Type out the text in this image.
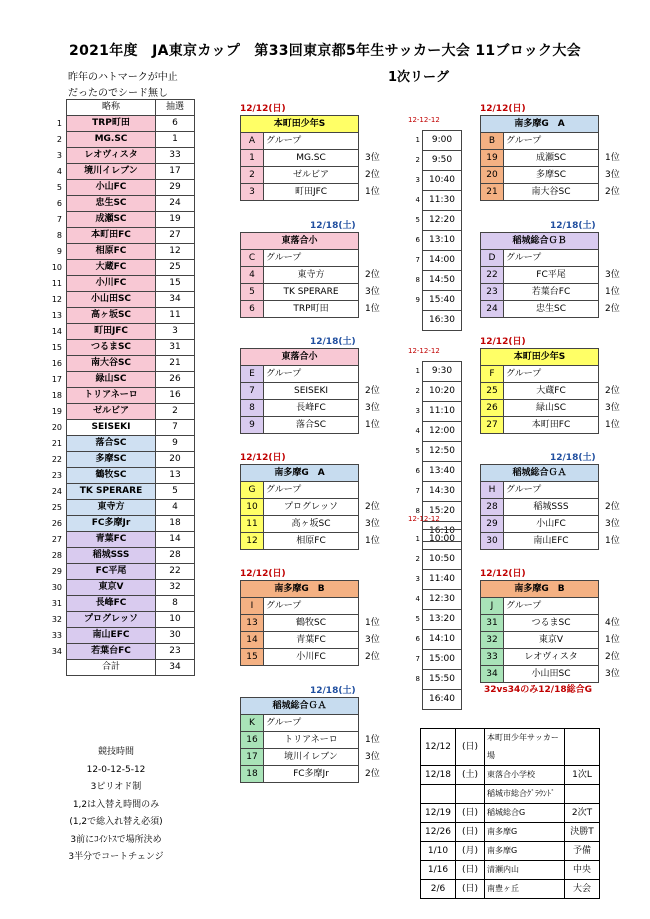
2021年度　JA東京カップ　第33回東京都5年生サッカー大会 11ブロック大会
1次リーグ
昨年のハトマークが中止
だったのでシード無し
	略称	抽選
1	TRP町田	6
2	MG.SC	1
3	レオヴィスタ	33
4	境川イレブン	17
5	小山FC	29
6	忠生SC	24
7	成瀬SC	19
8	本町田FC	27
9	相原FC	12
10	大蔵FC	25
11	小川FC	15
12	小山田SC	34
13	高ヶ坂SC	11
14	町田JFC	3
15	つるまSC	31
16	南大谷SC	21
17	緑山SC	26
18	トリアネーロ	16
19	ゼルビア	2
20	SEISEKI	7
21	落合SC	9
22	多摩SC	20
23	鶴牧SC	13
24	TK SPERARE	5
25	東寺方	4
26	FC多摩Jr	18
27	青葉FC	14
28	稲城SSS	28
29	FC平尾	22
30	東京V	32
31	長峰FC	8
32	プログレッソ	10
33	南山EFC	30
34	若葉台FC	23
	合計	34
12/12(日)
本町田少年S		
A	グループ	
1	MG.SC	3位
2	ゼルビア	2位
3	町田JFC	1位
12/18(土)
東落合小		
C	グループ	
4	東寺方	2位
5	TK SPERARE	3位
6	TRP町田	1位
12/18(土)
東落合小		
E	グループ	
7	SEISEKI	2位
8	長峰FC	3位
9	落合SC	1位
12/12(日)
南多摩G　A		
G	グループ	
10	プログレッソ	2位
11	高ヶ坂SC	3位
12	相原FC	1位
12/12(日)
南多摩G　B		
I	グループ	
13	鶴牧SC	1位
14	青葉FC	3位
15	小川FC	2位
12/18(土)
稲城総合ＧＡ		
K	グループ	
16	トリアネーロ	1位
17	境川イレブン	3位
18	FC多摩Jr	2位
12/12(日)
南多摩G　A		
B	グループ	
19	成瀬SC	1位
20	多摩SC	3位
21	南大谷SC	2位
12/18(土)
稲城総合ＧＢ		
D	グループ	
22	FC平尾	3位
23	若葉台FC	1位
24	忠生SC	2位
12/12(日)
本町田少年S		
F	グループ	
25	大蔵FC	2位
26	緑山SC	3位
27	本町田FC	1位
12/18(土)
稲城総合ＧＡ		
H	グループ	
28	稲城SSS	2位
29	小山FC	3位
30	南山EFC	1位
12/12(日)
南多摩G　B		
J	グループ	
31	つるまSC	4位
32	東京V	1位
33	レオヴィスタ	2位
34	小山田SC	3位
12-12-12
1	9:00
2	9:50
3	10:40
4	11:30
5	12:20
6	13:10
7	14:00
8	14:50
9	15:40
	16:30
12-12-12
1	9:30
2	10:20
3	11:10
4	12:00
5	12:50
6	13:40
7	14:30
8	15:20
	16:10
12-12-12
1	10:00
2	10:50
3	11:40
4	12:30
5	13:20
6	14:10
7	15:00
8	15:50
	16:40
32vs34のみ12/18総合G
競技時間
12-0-12-5-12
3ピリオド制
1,2は入替え時間のみ
(1,2で総入れ替え必須)
3前にｺｲﾝﾄｽで場所決め
3半分でコートチェンジ
12/12	(日)	本町田少年サッカー場	
12/18	(土)	東落合小学校	1次L
		稲城市総合ｸﾞﾗｳﾝﾄﾞ	
12/19	(日)	稲城総合G	2次T
12/26	(日)	南多摩G	決勝T
1/10	(月)	南多摩G	予備
1/16	(日)	清瀬内山	中央
2/6	(日)	南豊ヶ丘	大会
